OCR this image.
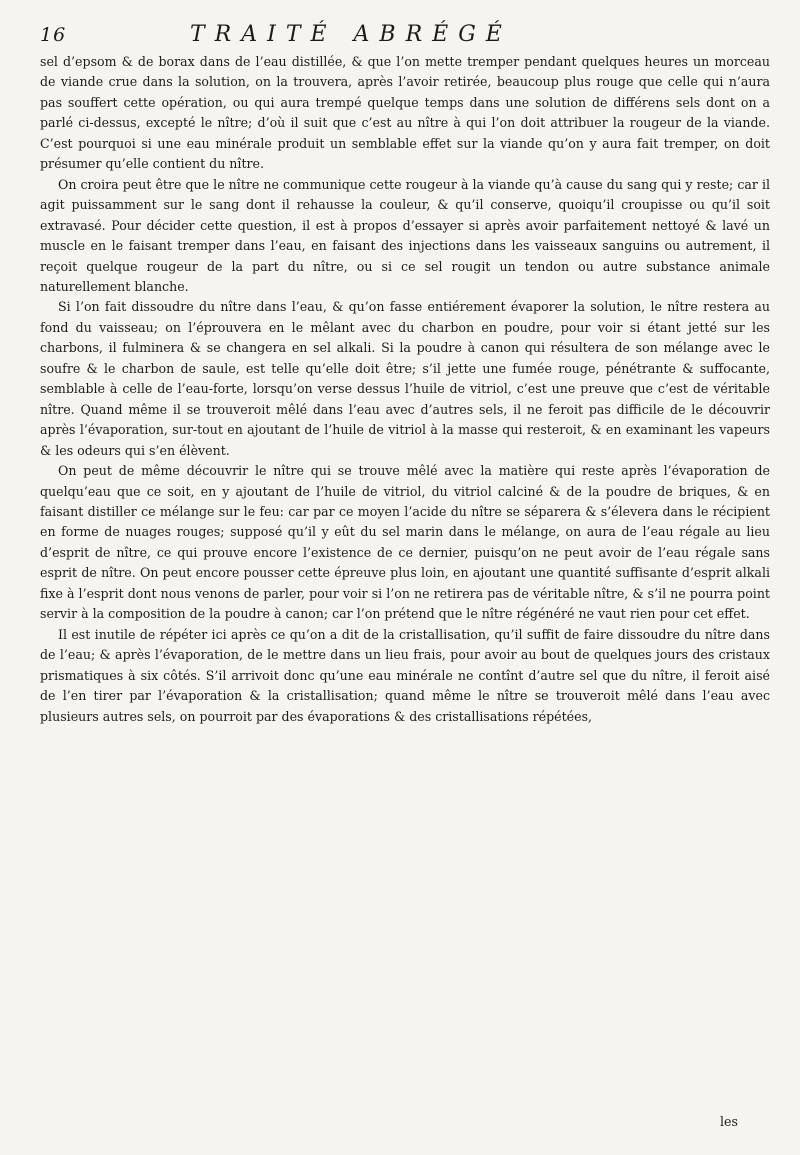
16	TRAITÉ ABRÉGÉ

sel d’epsom & de borax dans de l’eau distillée, & que l’on mette tremper pendant quelques heures un morceau de viande crue dans la solution, on la trouvera, après l’avoir retirée, beaucoup plus rouge que celle qui n’aura pas souffert cette opération, ou qui aura trempé quelque temps dans une solution de différens sels dont on a parlé ci-dessus, excepté le nître; d’où il suit que c’est au nître à qui l’on doit attribuer la rougeur de la viande. C’est pourquoi si une eau minérale produit un semblable effet sur la viande qu’on y aura fait tremper, on doit présumer qu’elle contient du nître.

On croira peut être que le nître ne communique cette rougeur à la viande qu’à cause du sang qui y reste; car il agit puissamment sur le sang dont il rehausse la couleur, & qu’il conserve, quoiqu’il croupisse ou qu’il soit extravasé. Pour décider cette question, il est à propos d’essayer si après avoir parfaitement nettoyé & lavé un muscle en le faisant tremper dans l’eau, en faisant des injections dans les vaisseaux sanguins ou autrement, il reçoit quelque rougeur de la part du nître, ou si ce sel rougit un tendon ou autre substance animale naturellement blanche.

Si l’on fait dissoudre du nître dans l’eau, & qu’on fasse entiérement évaporer la solution, le nître restera au fond du vaisseau; on l’éprouvera en le mêlant avec du charbon en poudre, pour voir si étant jetté sur les charbons, il fulminera & se changera en sel alkali. Si la poudre à canon qui résultera de son mélange avec le soufre & le charbon de saule, est telle qu’elle doit être; s’il jette une fumée rouge, pénétrante & suffocante, semblable à celle de l’eau-forte, lorsqu’on verse dessus l’huile de vitriol, c’est une preuve que c’est de véritable nître. Quand même il se trouveroit mêlé dans l’eau avec d’autres sels, il ne feroit pas difficile de le découvrir après l’évaporation, sur-tout en ajoutant de l’huile de vitriol à la masse qui resteroit, & en examinant les vapeurs & les odeurs qui s’en élèvent.

On peut de même découvrir le nître qui se trouve mêlé avec la matière qui reste après l’évaporation de quelqu’eau que ce soit, en y ajoutant de l’huile de vitriol, du vitriol calciné & de la poudre de briques, & en faisant distiller ce mélange sur le feu: car par ce moyen l’acide du nître se séparera & s’élevera dans le récipient en forme de nuages rouges; supposé qu’il y eût du sel marin dans le mélange, on aura de l’eau régale au lieu d’esprit de nître, ce qui prouve encore l’existence de ce dernier, puisqu’on ne peut avoir de l’eau régale sans esprit de nître. On peut encore pousser cette épreuve plus loin, en ajoutant une quantité suffisante d’esprit alkali fixe à l’esprit dont nous venons de parler, pour voir si l’on ne retirera pas de véritable nître, & s’il ne pourra point servir à la composition de la poudre à canon; car l’on prétend que le nître régénéré ne vaut rien pour cet effet.

Il est inutile de répéter ici après ce qu’on a dit de la cristallisation, qu’il suffit de faire dissoudre du nître dans de l’eau; & après l’évaporation, de le mettre dans un lieu frais, pour avoir au bout de quelques jours des cristaux prismatiques à six côtés. S’il arrivoit donc qu’une eau minérale ne contînt d’autre sel que du nître, il feroit aisé de l’en tirer par l’évaporation & la cristallisation; quand même le nître se trouveroit mêlé dans l’eau avec plusieurs autres sels, on pourroit par des évaporations & des cristallisations répétées,

les
